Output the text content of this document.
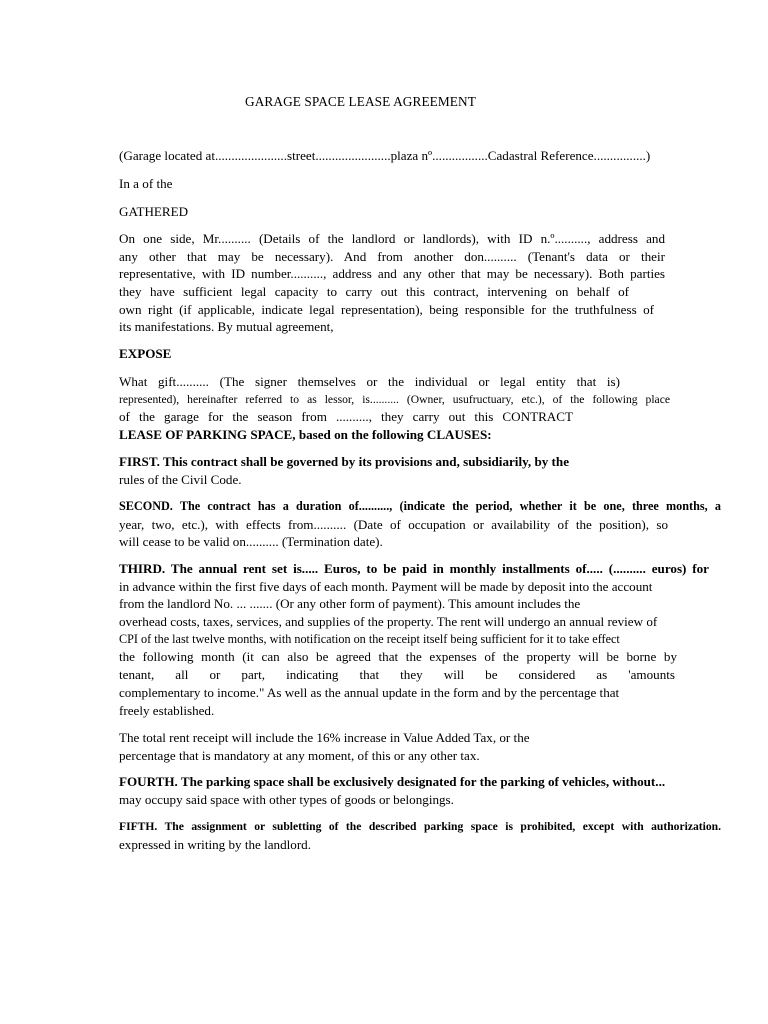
GARAGE SPACE LEASE AGREEMENT
(Garage located at......................street.......................plaza nº.................Cadastral Reference................)
In a of the
GATHERED
On one side, Mr.......... (Details of the landlord or landlords), with ID n.º.........., address and
any other that may be necessary). And from another don.......... (Tenant's data or their
representative, with ID number.........., address and any other that may be necessary). Both parties
they have sufficient legal capacity to carry out this contract, intervening on behalf of
own right (if applicable, indicate legal representation), being responsible for the truthfulness of
its manifestations. By mutual agreement,
EXPOSE
What gift.......... (The signer themselves or the individual or legal entity that is)
represented), hereinafter referred to as lessor, is.......... (Owner, usufructuary, etc.), of the following place
of the garage for the season from .........., they carry out this CONTRACT
LEASE OF PARKING SPACE, based on the following CLAUSES:
FIRST. This contract shall be governed by its provisions and, subsidiarily, by the
rules of the Civil Code.
SECOND. The contract has a duration of.........., (indicate the period, whether it be one, three months, a
year, two, etc.), with effects from.......... (Date of occupation or availability of the position), so
will cease to be valid on.......... (Termination date).
THIRD. The annual rent set is..... Euros, to be paid in monthly installments of..... (.......... euros) for
in advance within the first five days of each month. Payment will be made by deposit into the account
from the landlord No. ... ....... (Or any other form of payment). This amount includes the
overhead costs, taxes, services, and supplies of the property. The rent will undergo an annual review of
CPI of the last twelve months, with notification on the receipt itself being sufficient for it to take effect
the following month (it can also be agreed that the expenses of the property will be borne by
tenant, all or part, indicating that they will be considered as 'amounts
complementary to income." As well as the annual update in the form and by the percentage that
freely established.
The total rent receipt will include the 16% increase in Value Added Tax, or the
percentage that is mandatory at any moment, of this or any other tax.
FOURTH. The parking space shall be exclusively designated for the parking of vehicles, without...
may occupy said space with other types of goods or belongings.
FIFTH. The assignment or subletting of the described parking space is prohibited, except with authorization.
expressed in writing by the landlord.
